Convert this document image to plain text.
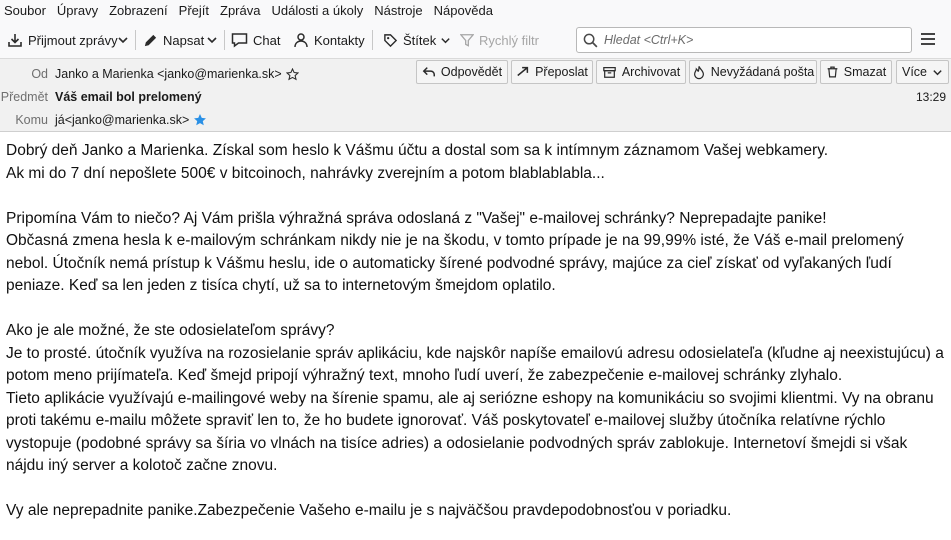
Soubor Úpravy Zobrazení Přejít Zpráva Události a úkoly Nástroje Nápověda
Přijmout zprávy	Napsat	Chat	Kontakty	Štítek	Rychlý filtr
Hledat <Ctrl+K>
Od Janko a Marienka <janko@marienka.sk>
Předmět Váš email bol prelomený
Komu já<janko@marienka.sk>
Odpovědět	Přeposlat	Archivovat Nevyžádaná pošta Smazat Více
13:29

Dobrý deň Janko a Marienka. Získal som heslo k Vášmu účtu a dostal som sa k intímnym záznamom Vašej webkamery.

Ak mi do 7 dní nepošlete 500€ v bitcoinoch, nahrávky zverejním a potom blablablabla...

Pripomína Vám to niečo? Aj Vám prišla výhražná správa odoslaná z "Vašej" e-mailovej schránky? Neprepadajte panike!

Občasná zmena hesla k e-mailovým schránkam nikdy nie je na škodu, v tomto prípade je na 99,99% isté, že Váš e-mail prelomený nebol. Útočník nemá prístup k Vášmu heslu, ide o automaticky šírené podvodné správy, majúce za cieľ získať od vyľakaných ľudí peniaze. Keď sa len jeden z tisíca chytí, už sa to internetovým šmejdom oplatilo.

Ako je ale možné, že ste odosielateľom správy?

Je to prosté. útočník využíva na rozosielanie správ aplikáciu, kde najskôr napíše emailovú adresu odosielateľa (kľudne aj neexistujúcu) a potom meno prijímateľa. Keď šmejd pripojí výhražný text, mnoho ľudí uverí, že zabezpečenie e-mailovej schránky zlyhalo.

Tieto aplikácie využívajú e-mailingové weby na šírenie spamu, ale aj seriózne eshopy na komunikáciu so svojimi klientmi. Vy na obranu proti takému e-mailu môžete spraviť len to, že ho budete ignorovať. Váš poskytovateľ e-mailovej služby útočníka relatívne rýchlo vystopuje (podobné správy sa šíria vo vlnách na tisíce adries) a odosielanie podvodných správ zablokuje. Internetoví šmejdi si však nájdu iný server a kolotoč začne znovu.

Vy ale neprepadnite panike.Zabezpečenie Vašeho e-mailu je s najväčšou pravdepodobnosťou v poriadku.
